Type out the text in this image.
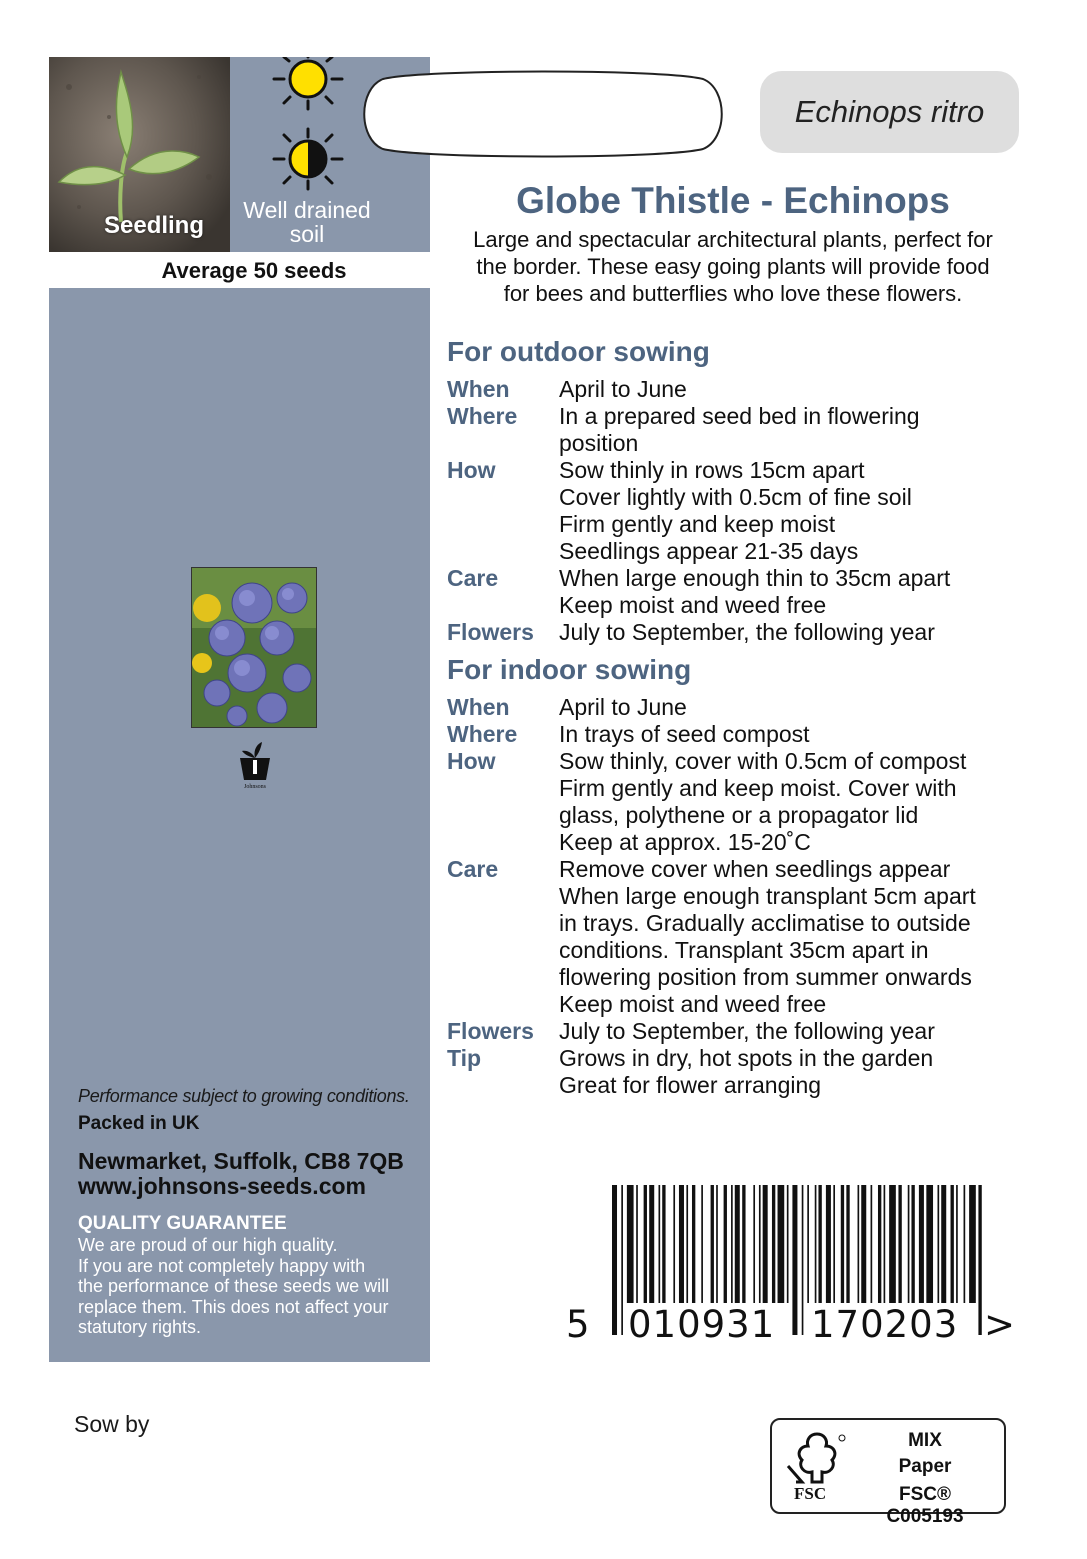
Seedling
Well drained
soil
Average 50 seeds
Johnsons
Performance subject to growing conditions.
Packed in UK
Newmarket, Suffolk, CB8 7QB
www.johnsons-seeds.com
QUALITY GUARANTEE
We are proud of our high quality.
If you are not completely happy with
the performance of these seeds we will
replace them. This does not affect your
statutory rights.
Sow by
Echinops ritro
Globe Thistle - Echinops
Large and spectacular architectural plants, perfect for
the border. These easy going plants will provide food
for bees and butterflies who love these flowers.
For outdoor sowing
When	April to June
Where	In a prepared seed bed in flowering
position
How	Sow thinly in rows 15cm apart
Cover lightly with 0.5cm of fine soil
Firm gently and keep moist
Seedlings appear 21-35 days
Care	When large enough thin to 35cm apart
Keep moist and weed free
Flowers	July to September, the following year
For indoor sowing
When	April to June
Where	In trays of seed compost
How	Sow thinly, cover with 0.5cm of compost
Firm gently and keep moist. Cover with
glass, polythene or a propagator lid
Keep at approx. 15-20˚C
Care	Remove cover when seedlings appear
When large enough transplant 5cm apart
in trays. Gradually acclimatise to outside
conditions. Transplant 35cm apart in
flowering position from summer onwards
Keep moist and weed free
Flowers	July to September, the following year
Tip	Grows in dry, hot spots in the garden
Great for flower arranging
5 010931 170203 >
FSC
MIX
Paper
FSC® C005193
